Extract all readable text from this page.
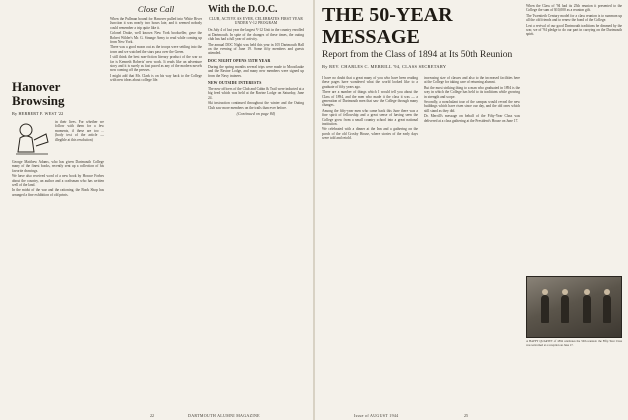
Hanover Browsing
By HERBERT F. WEST '22
in their lives. For whether we follow with them for a few moments, if these are too ... (body text of the article — illegible at this resolution)
George Matthew Adams, who has given Dartmouth College many of the finest books, recently sent up a collection of his favorite drawings.
We have also received word of a new book by Horace Forbes about the country, an author and a craftsman who has written well of the land.
In the midst of the war and the rationing, the Book Shop has arranged a fine exhibition of old prints.
Close Call
When the Pullman bound for Hanover pulled into White River Junction it was nearly two hours late, and it seemed nobody could remember a trip quite like it.
Colonel Drake, well known New York bookseller, gave the Robert Wilder's Mr. G. Strange Army to read while coming up from New York.
There was a good moon out as the troops were settling into the town and we watched the stars pass over the Green.
I still think the best non-fiction literary product of the war so far is Kenneth Roberts' new work. It reads like an adventure story and it is surely as fast paced as any of the modern novels now coming off the presses.
I might add that Mr. Clark is on his way back to the College with new ideas about college life.
With the D.O.C.
CLUB, ACTIVE AS EVER, CELEBRATES FIRST YEAR UNDER V-12 PROGRAM
On July 4 of last year the largest V-12 Unit in the country enrolled at Dartmouth. In spite of the changes of these times, the outing club has had a full year of activity.
The annual DOC Night was held this year in 105 Dartmouth Hall on the evening of June 19. Some fifty members and guests attended.
DOC NIGHT OPENS 35TH YEAR
During the spring months several trips were made to Moosilauke and the Ravine Lodge, and many new members were signed up from the Navy trainees.
NEW OUTSIDE INTERESTS
The new officers of the Club and Cabin & Trail were inducted at a big feed which was held at the Ravine Lodge on Saturday, June 24.
Ski instruction continued throughout the winter and the Outing Club saw more members on the trails than ever before.
(Continued on page 84)
22	DARTMOUTH ALUMNI MAGAZINE
THE 50-YEAR MESSAGE
Report from the Class of 1894 at Its 50th Reunion
By REV. CHARLES C. MERRILL '94, CLASS SECRETARY
I have no doubt that a great many of you who have been reading these pages have wondered what the world looked like to a graduate of fifty years ago.
There are a number of things which I would tell you about the Class of 1894, and the men who made it the class it was — a generation of Dartmouth men that saw the College through many changes.
Among the fifty-year men who came back this June there was a fine spirit of fellowship and a great sense of having seen the College grow from a small country school into a great national institution.
We celebrated with a dinner at the Inn and a gathering on the porch of the old Crosby House, where stories of the early days were told and retold.
increasing size of classes and also to the increased facilities here at the College for taking care of returning alumni.
But the most striking thing to a man who graduated in 1894 is the way in which the College has held to its traditions while growing in strength and scope.
Secondly, a nonchalant tour of the campus would reveal the new buildings which have risen since our day, and the old ones which still stand as they did.
Dr. Merrill's message on behalf of the Fifty-Year Class was delivered at a class gathering at the President's House on June 17.
When the Class of '94 had its 25th reunion it presented to the College the sum of $10,000 as a reunion gift.
The Twentieth Century model for a class reunion is to summon up all the old friends and to renew the bond of the College.
Lest a revival of our good Dartmouth traditions be dimmed by the war, we of '94 pledge to do our part in carrying on the Dartmouth spirit.
A HAPPY QUARTET of 1894 celebrates the 50th reunion: the Fifty-Year Class was welcomed at a reception on June 17.
Issue of AUGUST 1944	25
